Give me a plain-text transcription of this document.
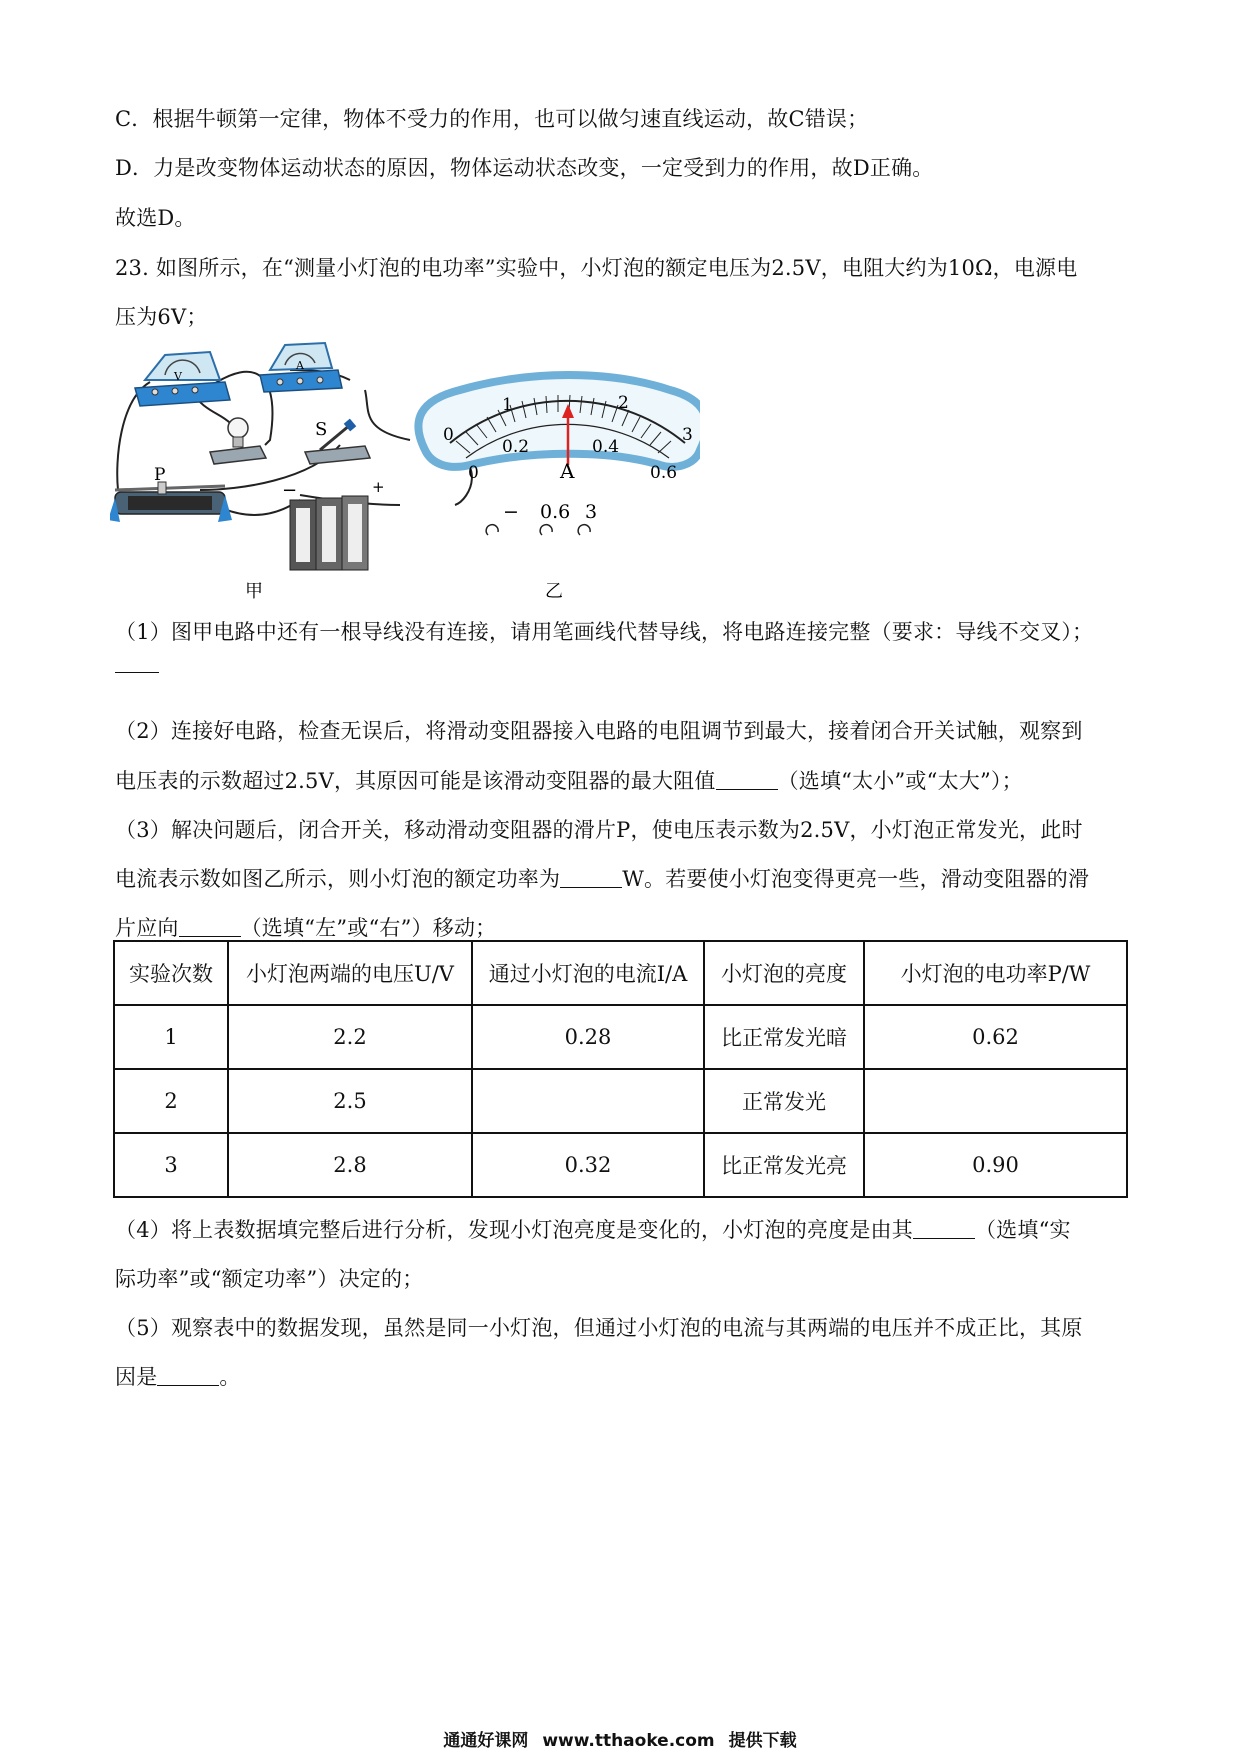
C．根据牛顿第一定律，物体不受力的作用，也可以做匀速直线运动，故C错误；
D．力是改变物体运动状态的原因，物体运动状态改变，一定受到力的作用，故D正确。
故选D。
23. 如图所示，在“测量小灯泡的电功率”实验中，小灯泡的额定电压为2.5V，电阻大约为10Ω，电源电
压为6V；
V
A
S
P
−	+
甲
0
1	2
3
0
0.2	0.4
0.6
A
− 0.6 3
乙
（1）图甲电路中还有一根导线没有连接，请用笔画线代替导线，将电路连接完整（要求：导线不交叉）；
（2）连接好电路，检查无误后，将滑动变阻器接入电路的电阻调节到最大，接着闭合开关试触，观察到
电压表的示数超过2.5V，其原因可能是该滑动变阻器的最大阻值	（选填“太小”或“太大”）；
（3）解决问题后，闭合开关，移动滑动变阻器的滑片P，使电压表示数为2.5V，小灯泡正常发光，此时
电流表示数如图乙所示，则小灯泡的额定功率为	W。若要使小灯泡变得更亮一些，滑动变阻器的滑
片应向	（选填“左”或“右”）移动；
实验次数	小灯泡两端的电压U/V	通过小灯泡的电流I/A	小灯泡的亮度	小灯泡的电功率P/W
1	2.2	0.28	比正常发光暗	0.62
2	2.5		正常发光	
3	2.8	0.32	比正常发光亮	0.90
（4）将上表数据填完整后进行分析，发现小灯泡亮度是变化的，小灯泡的亮度是由其	（选填“实
际功率”或“额定功率”）决定的；
（5）观察表中的数据发现，虽然是同一小灯泡，但通过小灯泡的电流与其两端的电压并不成正比，其原
因是	。
通通好课网 www.tthaoke.com 提供下载
